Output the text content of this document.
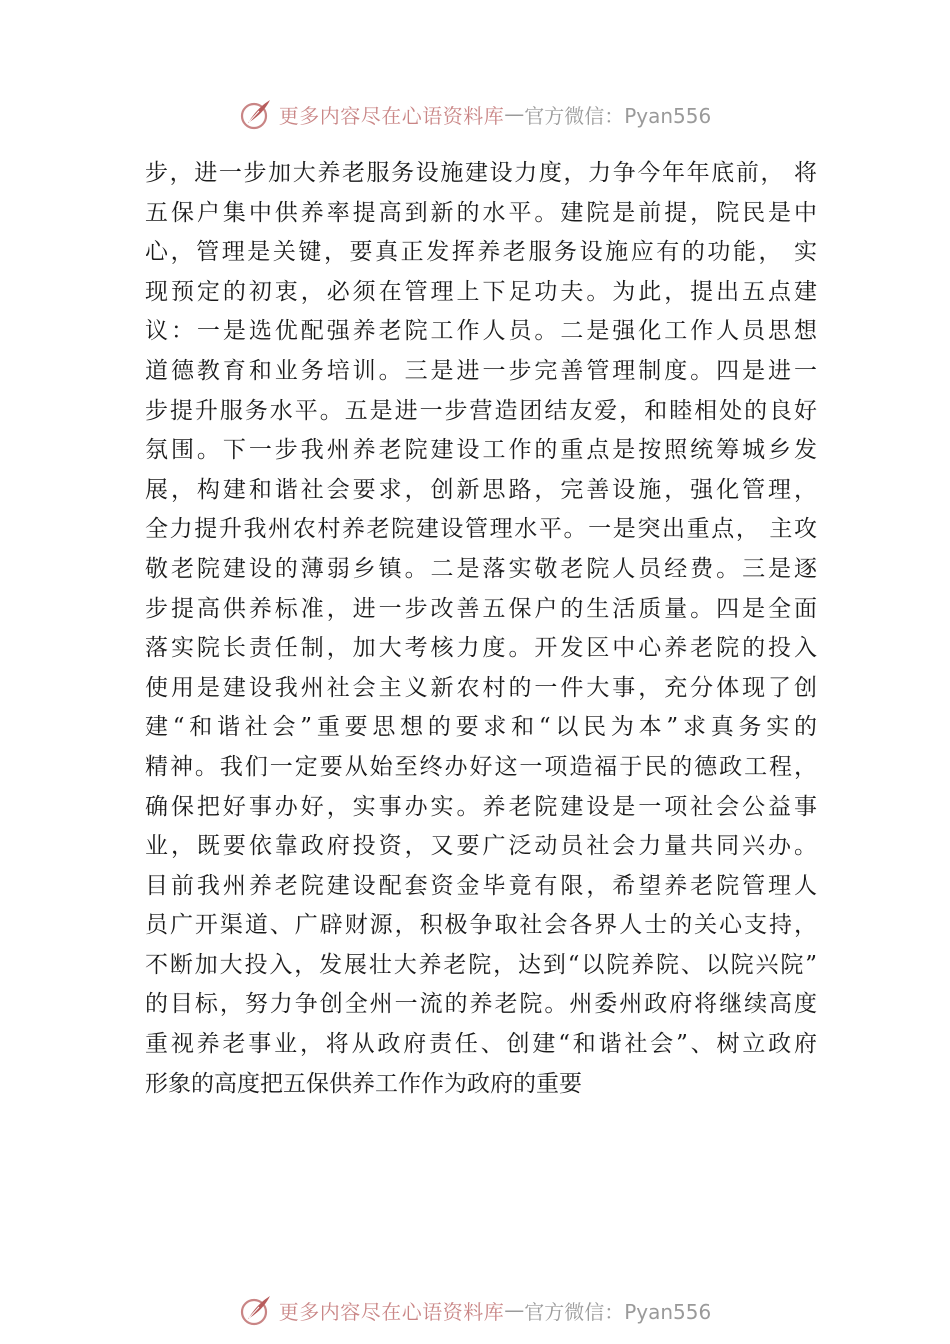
更多内容尽在心语资料库 — 官方微信：Pyan556
步，进一步加大养老服务设施建设力度，力争今年年底前， 将
五保户集中供养率提高到新的水平。建院是前提，院民是中
心，管理是关键，要真正发挥养老服务设施应有的功能， 实
现预定的初衷，必须在管理上下足功夫。为此，提出五点建
议：一是选优配强养老院工作人员。二是强化工作人员思想
道德教育和业务培训。三是进一步完善管理制度。四是进一
步提升服务水平。五是进一步营造团结友爱，和睦相处的良好
氛围。下一步我州养老院建设工作的重点是按照统筹城乡发
展，构建和谐社会要求，创新思路，完善设施，强化管理，
全力提升我州农村养老院建设管理水平。一是突出重点， 主攻
敬老院建设的薄弱乡镇。二是落实敬老院人员经费。三是逐
步提高供养标准，进一步改善五保户的生活质量。四是全面
落实院长责任制，加大考核力度。开发区中心养老院的投入
使用是建设我州社会主义新农村的一件大事，充分体现了创
建“和谐社会”重要思想的要求和“以民为本”求真务实的
精神。我们一定要从始至终办好这一项造福于民的德政工程，
确保把好事办好，实事办实。养老院建设是一项社会公益事
业，既要依靠政府投资，又要广泛动员社会力量共同兴办。
目前我州养老院建设配套资金毕竟有限，希望养老院管理人
员广开渠道、广辟财源，积极争取社会各界人士的关心支持，
不断加大投入，发展壮大养老院，达到“以院养院、以院兴院”
的目标，努力争创全州一流的养老院。州委州政府将继续高度
重视养老事业，将从政府责任、创建“和谐社会”、树立政府
形象的高度把五保供养工作作为政府的重要
更多内容尽在心语资料库 — 官方微信：Pyan556
